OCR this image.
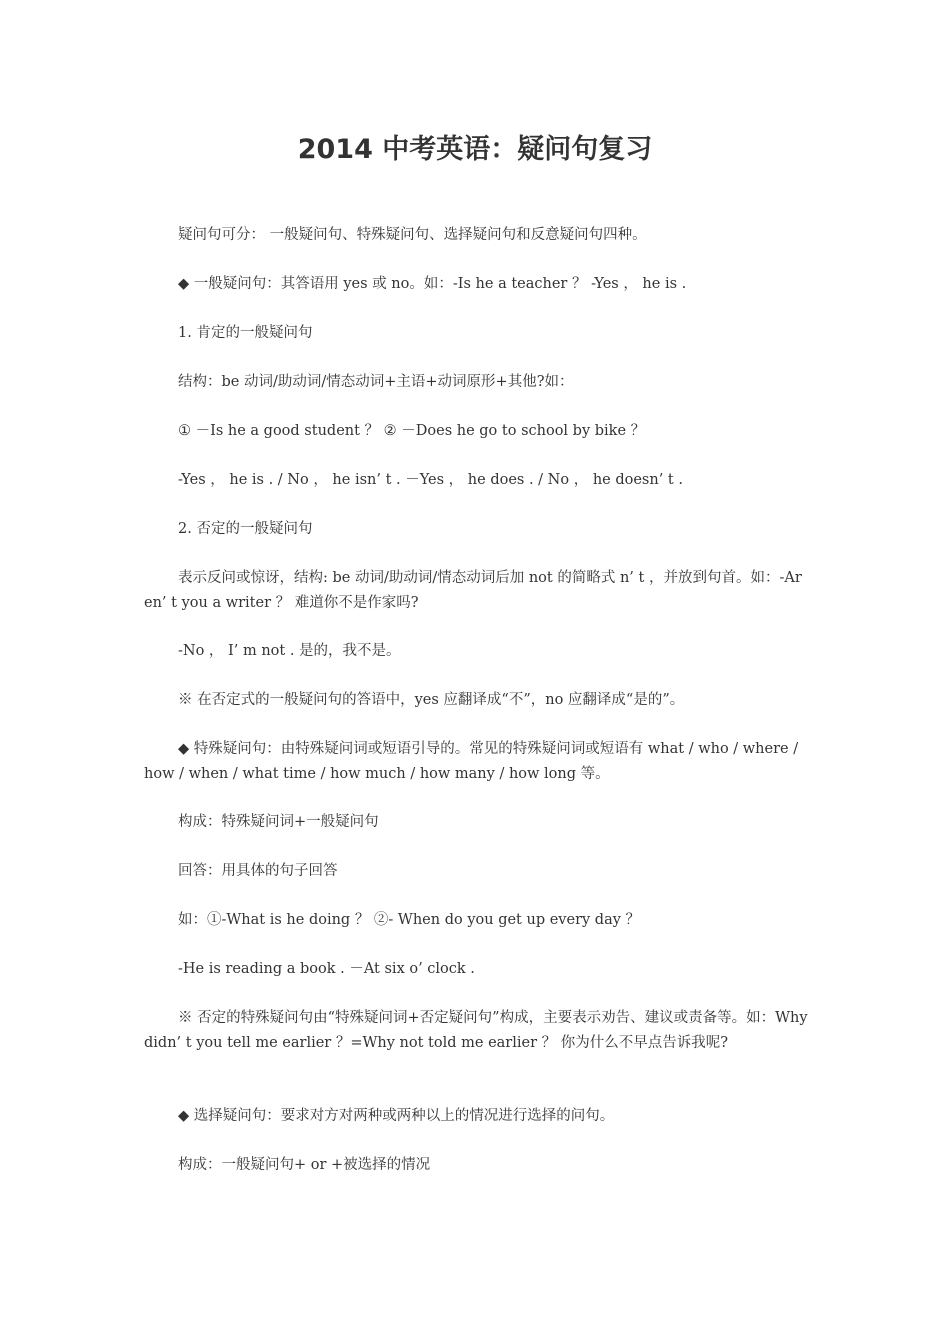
2014 中考英语：疑问句复习

疑问句可分： 一般疑问句、特殊疑问句、选择疑问句和反意疑问句四种。

◆ 一般疑问句：其答语用 yes 或 no。如：-Is he a teacher ？ -Yes ， he is .

1. 肯定的一般疑问句

结构：be 动词/助动词/情态动词+主语+动词原形+其他?如：

① －Is he a good student ？ ② －Does he go to school by bike ？

-Yes ， he is . / No ， he isn’ t . －Yes ， he does . / No ， he doesn’ t .

2. 否定的一般疑问句

表示反问或惊讶，结构: be 动词/助动词/情态动词后加 not 的简略式 n’ t ，并放到句首。如：-Aren’ t you a writer ？ 难道你不是作家吗?

-No ， I’ m not . 是的，我不是。

※ 在否定式的一般疑问句的答语中，yes 应翻译成“不”，no 应翻译成“是的”。

◆ 特殊疑问句：由特殊疑问词或短语引导的。常见的特殊疑问词或短语有 what / who / where / how / when / what time / how much / how many / how long 等。

构成：特殊疑问词+一般疑问句

回答：用具体的句子回答

如：①-What is he doing ？ ②- When do you get up every day ？

-He is reading a book . －At six o’ clock .

※ 否定的特殊疑问句由“特殊疑问词+否定疑问句”构成，主要表示劝告、建议或责备等。如：Why didn’ t you tell me earlier ？=Why not told me earlier ？ 你为什么不早点告诉我呢?

◆ 选择疑问句：要求对方对两种或两种以上的情况进行选择的问句。

构成：一般疑问句+ or +被选择的情况
